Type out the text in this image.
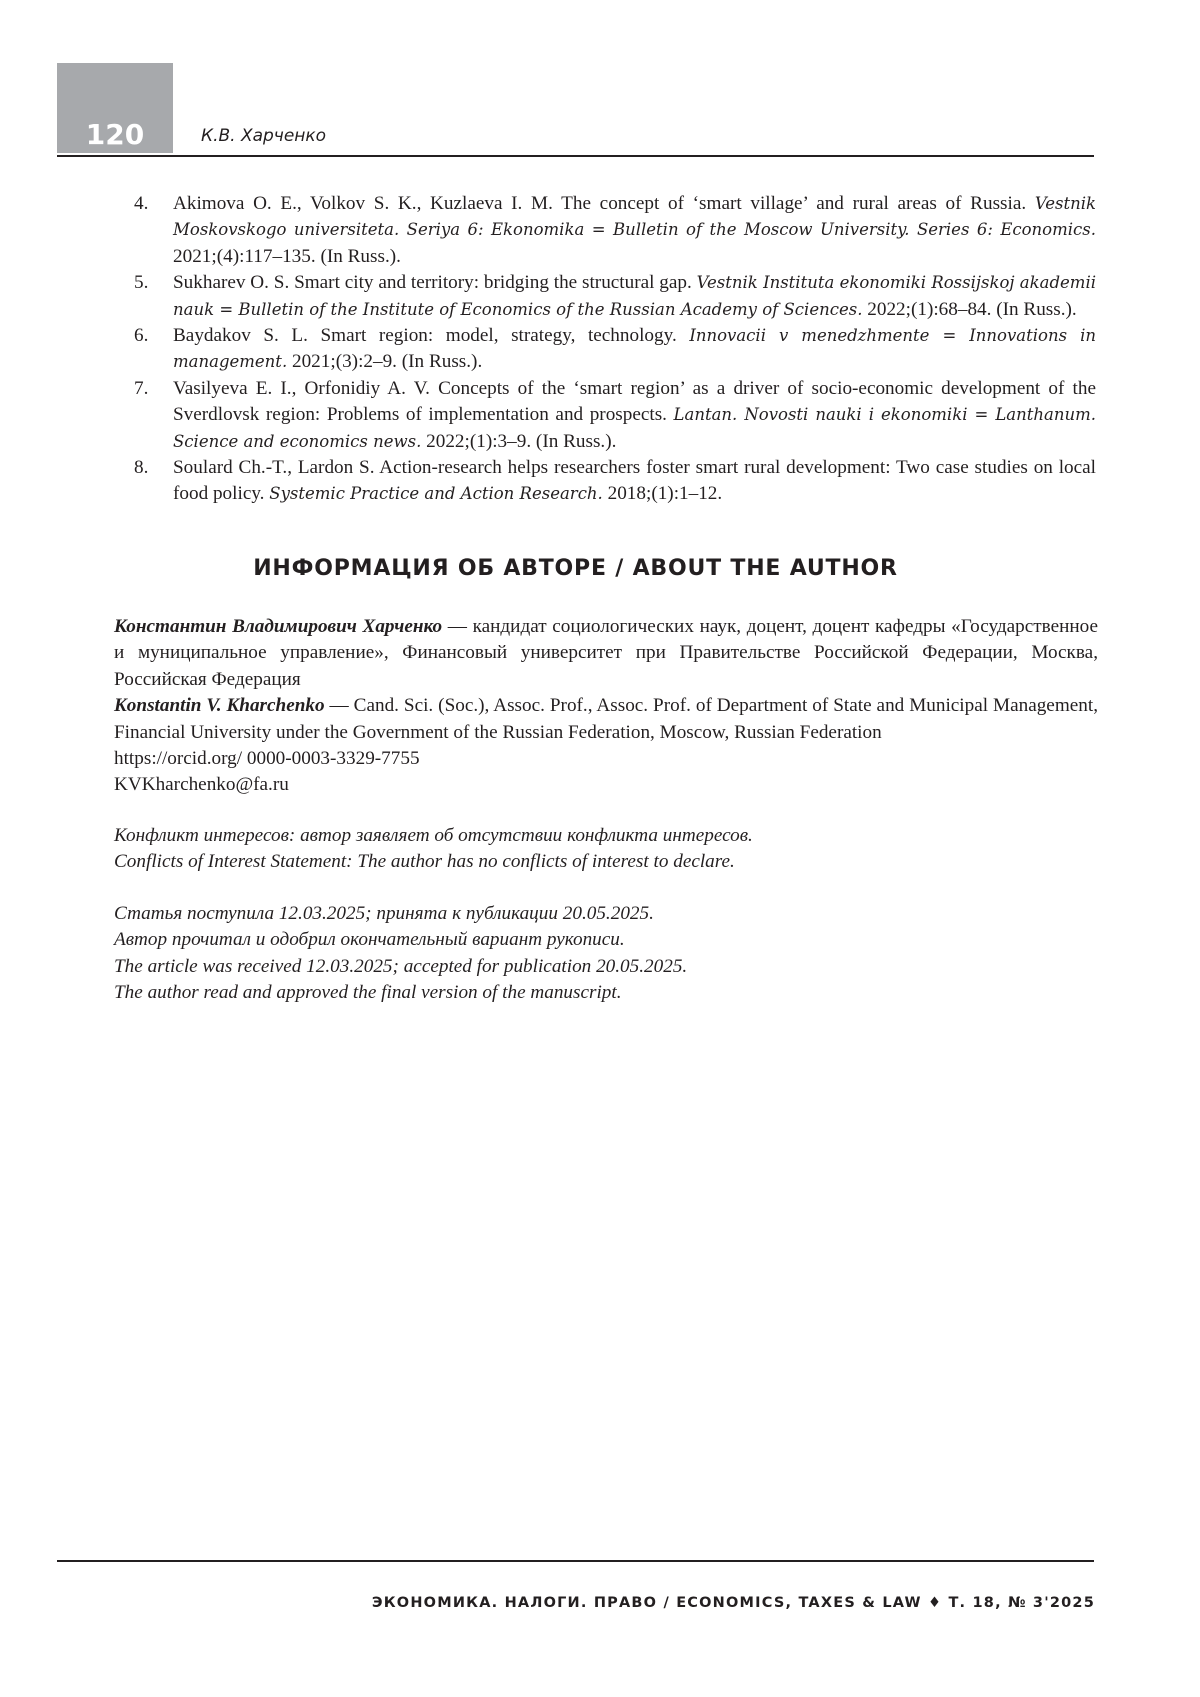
120	К.В. Харченко
4. Akimova O. E., Volkov S. K., Kuzlaeva I. M. The concept of ‘smart village’ and rural areas of Russia. Vestnik Moskovskogo universiteta. Seriya 6: Ekonomika = Bulletin of the Moscow University. Series 6: Economics. 2021;(4):117–135. (In Russ.).
5. Sukharev O. S. Smart city and territory: bridging the structural gap. Vestnik Instituta ekonomiki Rossijskoj akademii nauk = Bulletin of the Institute of Economics of the Russian Academy of Sciences. 2022;(1):68–84. (In Russ.).
6. Baydakov S. L. Smart region: model, strategy, technology. Innovacii v menedzhmente = Innovations in management. 2021;(3):2–9. (In Russ.).
7. Vasilyeva E. I., Orfonidiy A. V. Concepts of the ‘smart region’ as a driver of socio-economic development of the Sverdlovsk region: Problems of implementation and prospects. Lantan. Novosti nauki i ekonomiki = Lanthanum. Science and economics news. 2022;(1):3–9. (In Russ.).
8. Soulard Ch.-T., Lardon S. Action-research helps researchers foster smart rural development: Two case studies on local food policy. Systemic Practice and Action Research. 2018;(1):1–12.
ИНФОРМАЦИЯ ОБ АВТОРЕ / ABOUT THE AUTHOR

Константин Владимирович Харченко — кандидат социологических наук, доцент, доцент кафедры «Государственное и муниципальное управление», Финансовый университет при Правительстве Российской Федерации, Москва, Российская Федерация

Konstantin V. Kharchenko — Cand. Sci. (Soc.), Assoc. Prof., Assoc. Prof. of Department of State and Municipal Management, Financial University under the Government of the Russian Federation, Moscow, Russian Federation

https://orcid.org/ 0000-0003-3329-7755

KVKharchenko@fa.ru

Конфликт интересов: автор заявляет об отсутствии конфликта интересов.

Conflicts of Interest Statement: The author has no conflicts of interest to declare.

Статья поступила 12.03.2025; принята к публикации 20.05.2025.

Автор прочитал и одобрил окончательный вариант рукописи.

The article was received 12.03.2025; accepted for publication 20.05.2025.

The author read and approved the final version of the manuscript.

ЭКОНОМИКА. НАЛОГИ. ПРАВО / ECONOMICS, TAXES & LAW ♦ Т. 18, № 3'2025
